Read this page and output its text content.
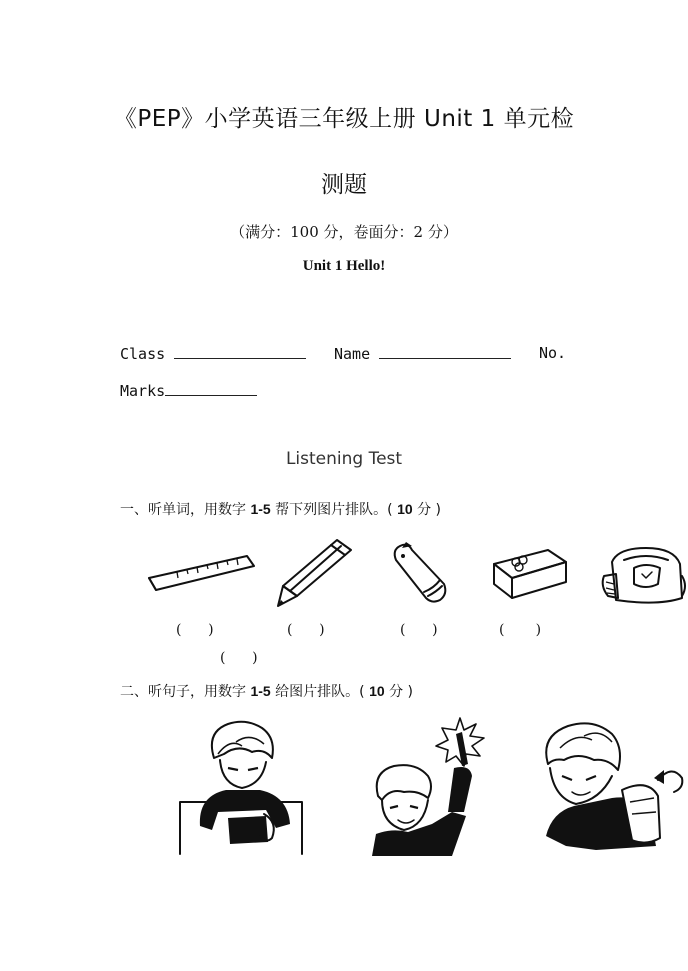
《PEP》小学英语三年级上册 Unit 1 单元检
测题
（满分：100 分，卷面分：2 分）
Unit 1 Hello!
Class	Name	No.
Marks
Listening Test
一、听单词，用数字 1-5 帮下列图片排队。( 10 分 )
(      )	(      )	(      )	(       )
(      )
二、听句子，用数字 1-5 给图片排队。( 10 分 )
